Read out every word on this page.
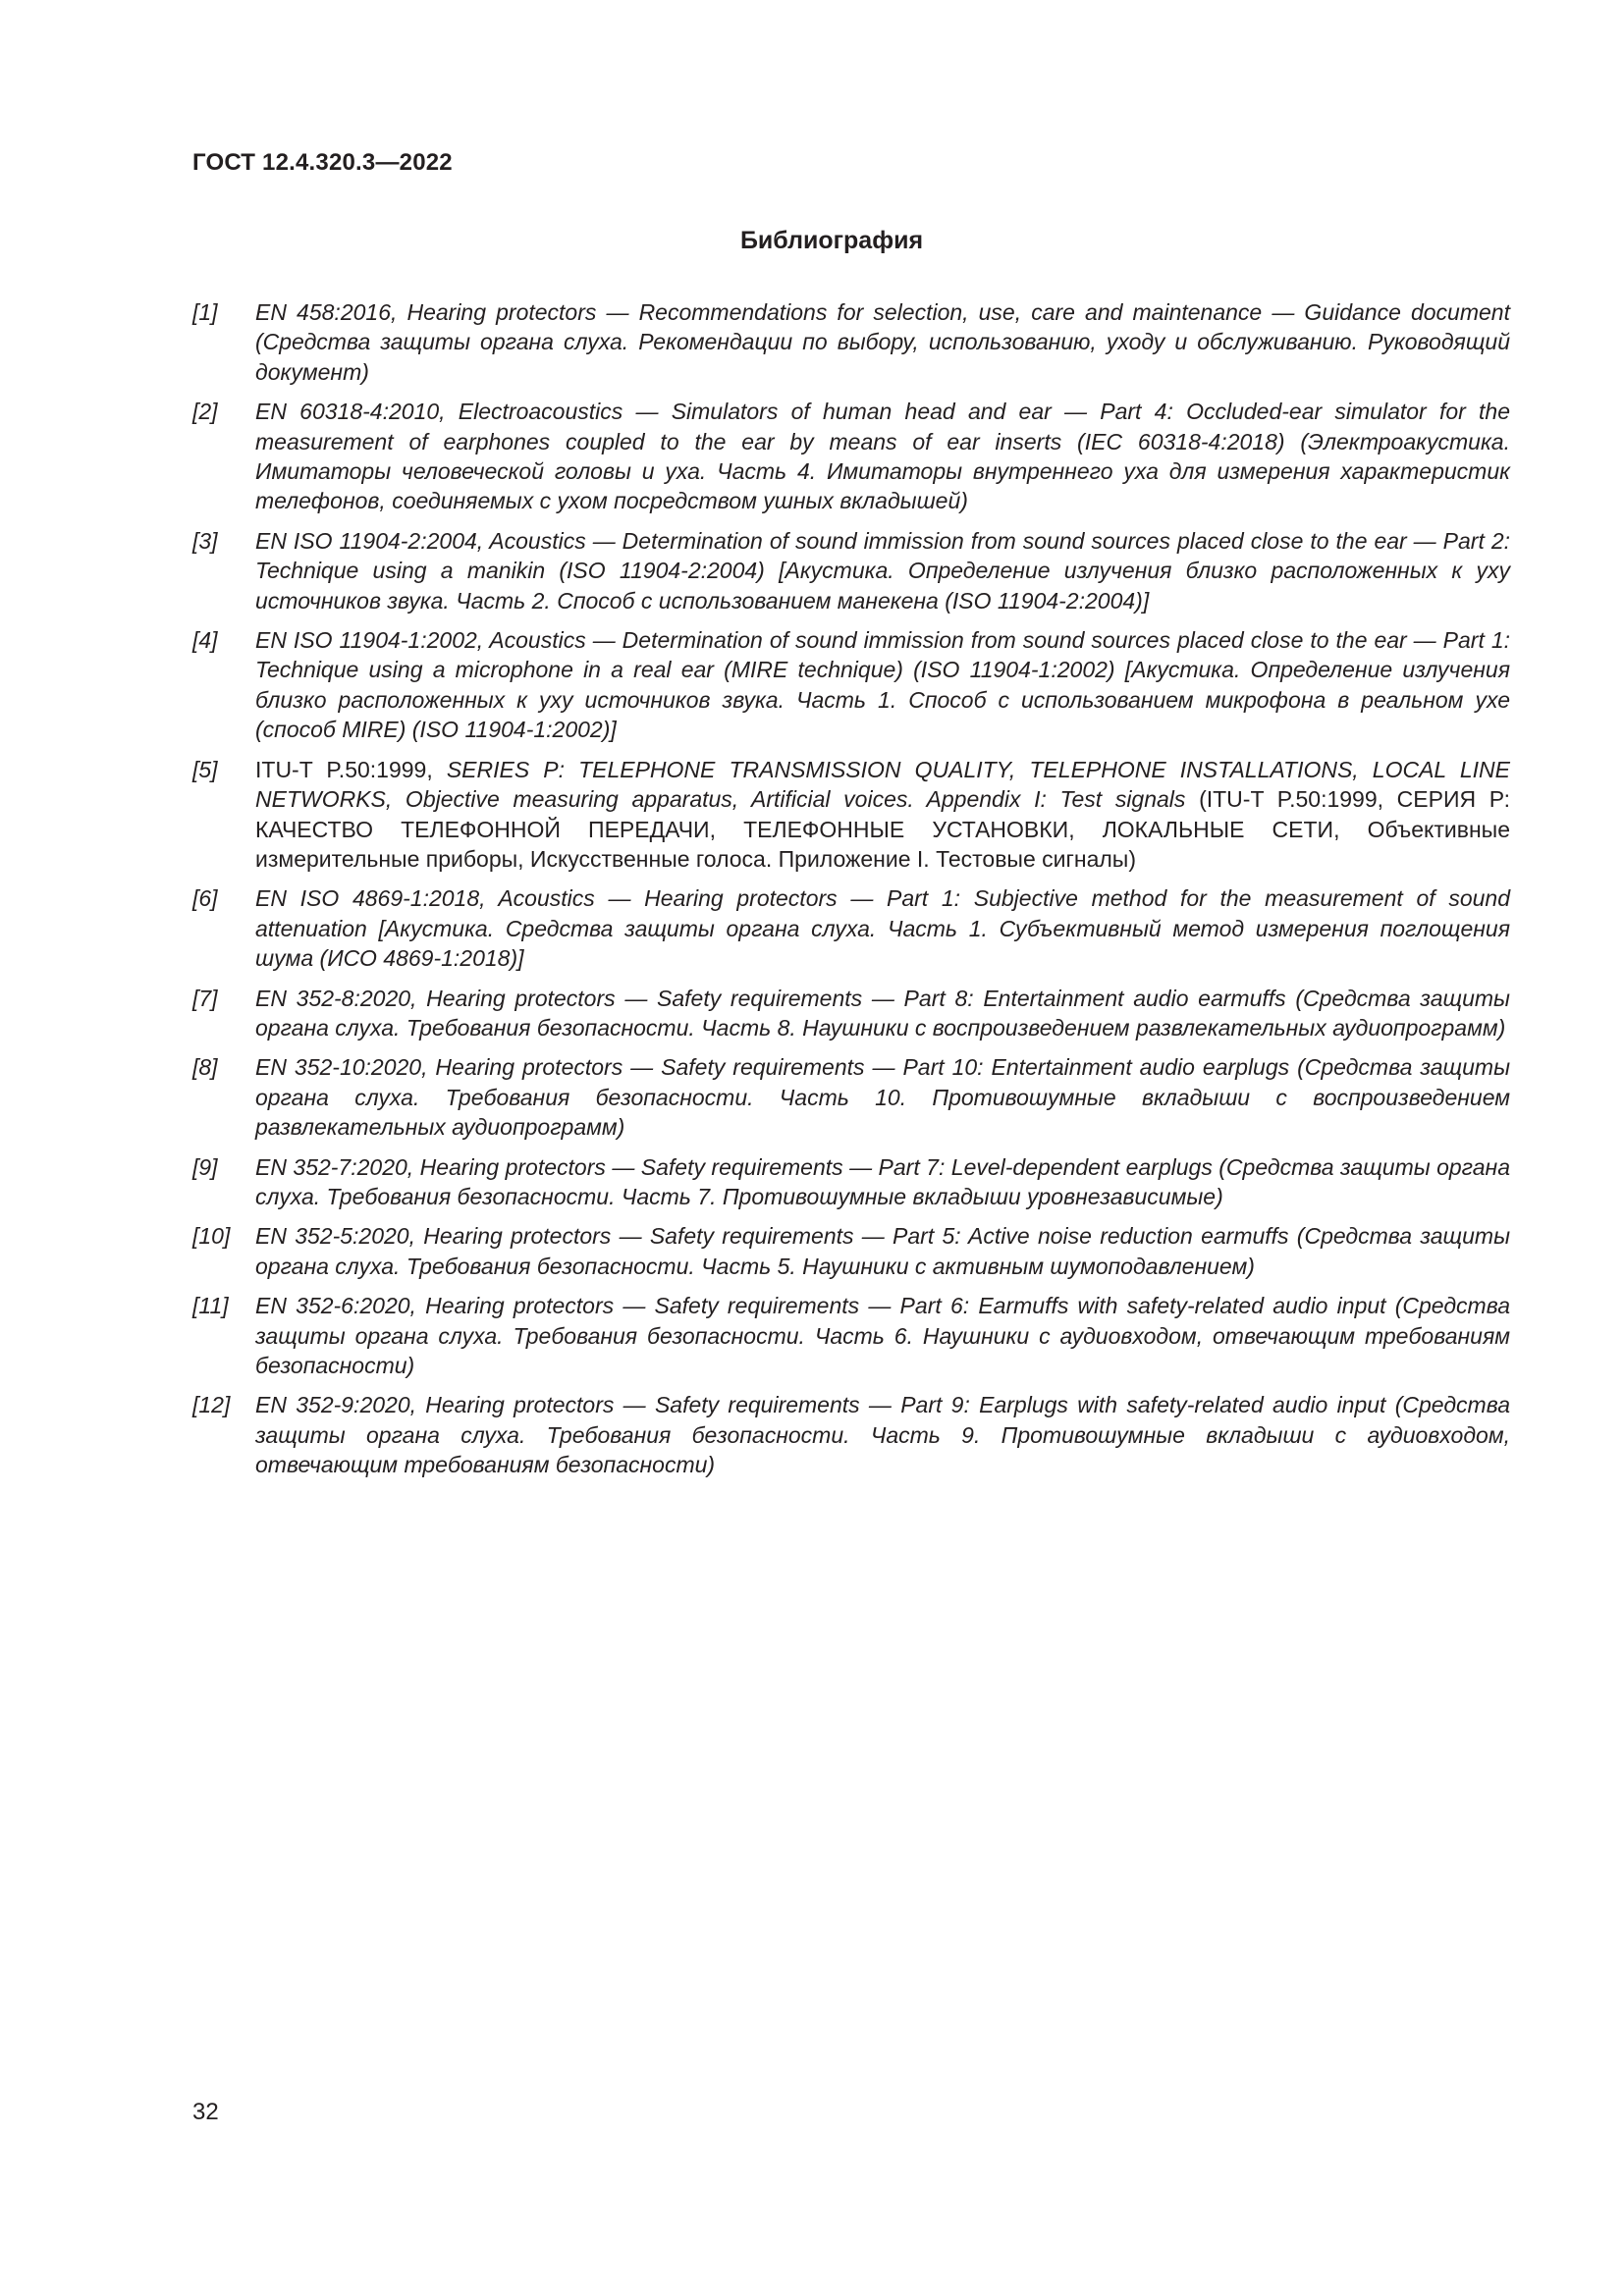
ГОСТ 12.4.320.3—2022
Библиография
[1]	EN 458:2016, Hearing protectors — Recommendations for selection, use, care and maintenance — Guidance document (Средства защиты органа слуха. Рекомендации по выбору, использованию, уходу и обслуживанию. Руководящий документ)
[2]	EN 60318-4:2010, Electroacoustics — Simulators of human head and ear — Part 4: Occluded-ear simulator for the measurement of earphones coupled to the ear by means of ear inserts (IEC 60318-4:2018) (Электроакустика. Имитаторы человеческой головы и уха. Часть 4. Имитаторы внутреннего уха для измерения характеристик телефонов, соединяемых с ухом посредством ушных вкладышей)
[3]	EN ISO 11904-2:2004, Acoustics — Determination of sound immission from sound sources placed close to the ear — Part 2: Technique using a manikin (ISO 11904-2:2004) [Акустика. Определение излучения близко расположенных к уху источников звука. Часть 2. Способ с использованием манекена (ISO 11904-2:2004)]
[4]	EN ISO 11904-1:2002, Acoustics — Determination of sound immission from sound sources placed close to the ear — Part 1: Technique using a microphone in a real ear (MIRE technique) (ISO 11904-1:2002) [Акустика. Определение излучения близко расположенных к уху источников звука. Часть 1. Способ с использованием микрофона в реальном ухе (способ MIRE) (ISO 11904-1:2002)]
[5]	ITU-T P.50:1999, SERIES P: TELEPHONE TRANSMISSION QUALITY, TELEPHONE INSTALLATIONS, LOCAL LINE NETWORKS, Objective measuring apparatus, Artificial voices. Appendix I: Test signals (ITU-T P.50:1999, СЕРИЯ Р: КАЧЕСТВО ТЕЛЕФОННОЙ ПЕРЕДАЧИ, ТЕЛЕФОННЫЕ УСТАНОВКИ, ЛОКАЛЬНЫЕ СЕТИ, Объективные измерительные приборы, Искусственные голоса. Приложение I. Тестовые сигналы)
[6]	EN ISO 4869-1:2018, Acoustics — Hearing protectors — Part 1: Subjective method for the measurement of sound attenuation [Акустика. Средства защиты органа слуха. Часть 1. Субъективный метод измерения поглощения шума (ИСО 4869-1:2018)]
[7]	EN 352-8:2020, Hearing protectors — Safety requirements — Part 8: Entertainment audio earmuffs (Средства защиты органа слуха. Требования безопасности. Часть 8. Наушники с воспроизведением развлекательных аудиопрограмм)
[8]	EN 352-10:2020, Hearing protectors — Safety requirements — Part 10: Entertainment audio earplugs (Средства защиты органа слуха. Требования безопасности. Часть 10. Противошумные вкладыши с воспроизведением развлекательных аудиопрограмм)
[9]	EN 352-7:2020, Hearing protectors — Safety requirements — Part 7: Level-dependent earplugs (Средства защиты органа слуха. Требования безопасности. Часть 7. Противошумные вкладыши уровнезависимые)
[10]	EN 352-5:2020, Hearing protectors — Safety requirements — Part 5: Active noise reduction earmuffs (Средства защиты органа слуха. Требования безопасности. Часть 5. Наушники с активным шумоподавлением)
[11]	EN 352-6:2020, Hearing protectors — Safety requirements — Part 6: Earmuffs with safety-related audio input (Средства защиты органа слуха. Требования безопасности. Часть 6. Наушники с аудиовходом, отвечающим требованиям безопасности)
[12]	EN 352-9:2020, Hearing protectors — Safety requirements — Part 9: Earplugs with safety-related audio input (Средства защиты органа слуха. Требования безопасности. Часть 9. Противошумные вкладыши с аудиовходом, отвечающим требованиям безопасности)
32
